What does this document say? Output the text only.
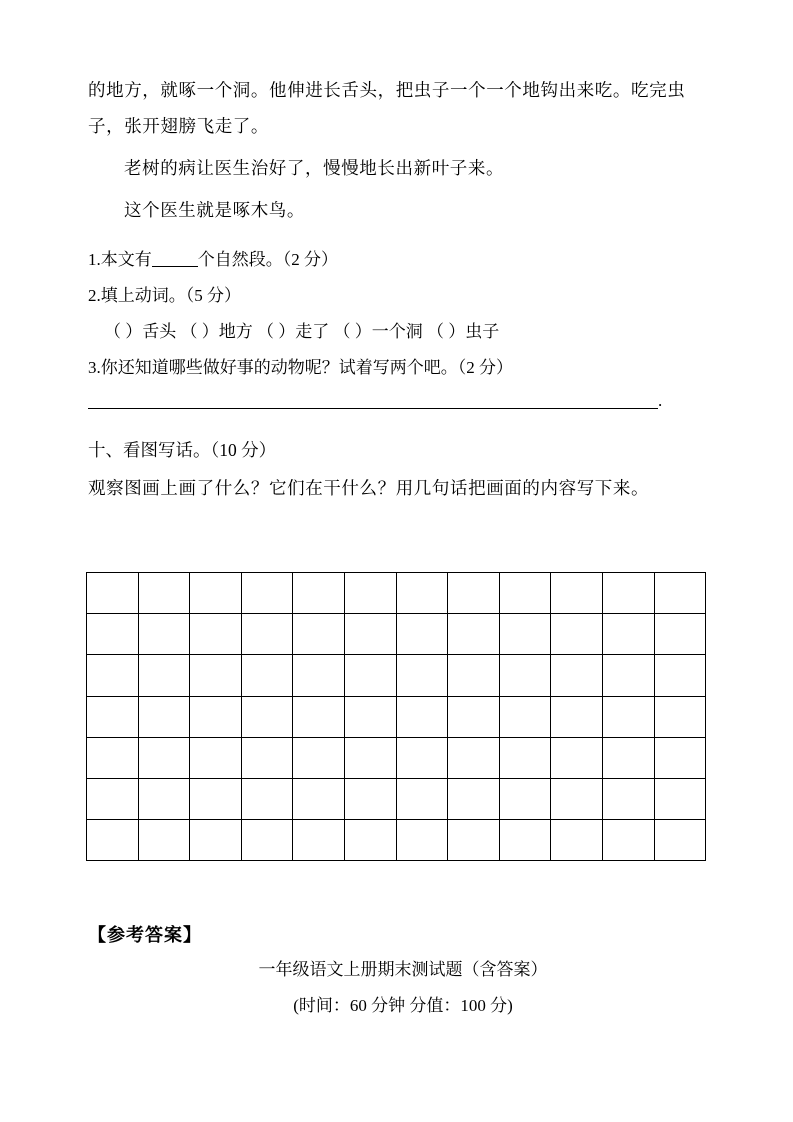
的地方，就啄一个洞。他伸进长舌头，把虫子一个一个地钩出来吃。吃完虫

子，张开翅膀飞走了。

老树的病让医生治好了，慢慢地长出新叶子来。

这个医生就是啄木鸟。

1.本文有	个自然段。（2 分）

2.填上动词。（5 分）

（ ）舌头 （ ）地方 （ ）走了 （ ）一个洞 （ ）虫子

3.你还知道哪些做好事的动物呢？试着写两个吧。（2 分）

.

十、看图写话。（10 分）

观察图画上画了什么？它们在干什么？用几句话把画面的内容写下来。

【参考答案】

一年级语文上册期末测试题（含答案）

(时间：60 分钟 分值：100 分)
